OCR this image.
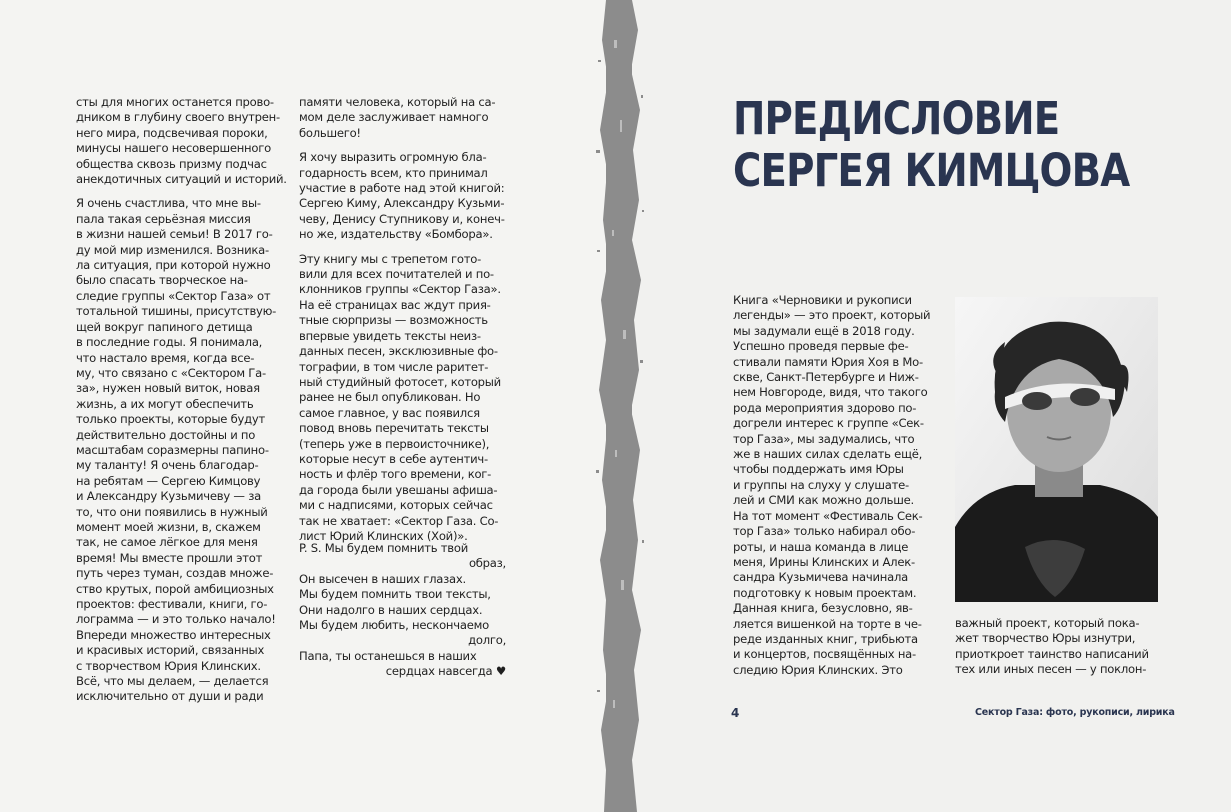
сты для многих останется прово-
дником в глубину своего внутрен-
него мира, подсвечивая пороки,
минусы нашего несовершенного
общества сквозь призму подчас
анекдотичных ситуаций и историй.

Я очень счастлива, что мне вы-
пала такая серьёзная миссия
в жизни нашей семьи! В 2017 го-
ду мой мир изменился. Возника-
ла ситуация, при которой нужно
было спасать творческое на-
следие группы «Сектор Газа» от
тотальной тишины, присутствую-
щей вокруг папиного детища
в последние годы. Я понимала,
что настало время, когда все-
му, что связано с «Сектором Га-
за», нужен новый виток, новая
жизнь, а их могут обеспечить
только проекты, которые будут
действительно достойны и по
масштабам соразмерны папино-
му таланту! Я очень благодар-
на ребятам — Сергею Кимцову
и Александру Кузьмичеву — за
то, что они появились в нужный
момент моей жизни, в, скажем
так, не самое лёгкое для меня
время! Мы вместе прошли этот
путь через туман, создав множе-
ство крутых, порой амбициозных
проектов: фестивали, книги, го-
лограмма — и это только начало!
Впереди множество интересных
и красивых историй, связанных
с творчеством Юрия Клинских.
Всё, что мы делаем, — делается
исключительно от души и ради

памяти человека, который на са-
мом деле заслуживает намного
большего!

Я хочу выразить огромную бла-
годарность всем, кто принимал
участие в работе над этой книгой:
Сергею Киму, Александру Кузьми-
чеву, Денису Ступникову и, конеч-
но же, издательству «Бомбора».

Эту книгу мы с трепетом гото-
вили для всех почитателей и по-
клонников группы «Сектор Газа».
На её страницах вас ждут прия-
тные сюрпризы — возможность
впервые увидеть тексты неиз-
данных песен, эксклюзивные фо-
тографии, в том числе раритет-
ный студийный фотосет, который
ранее не был опубликован. Но
самое главное, у вас появился
повод вновь перечитать тексты
(теперь уже в первоисточнике),
которые несут в себе аутентич-
ность и флёр того времени, ког-
да города были увешаны афиша-
ми с надписями, которых сейчас
так не хватает: «Сектор Газа. Со-
лист Юрий Клинских (Хой)».

P. S. Мы будем помнить твой
образ,
Он высечен в наших глазах.
Мы будем помнить твои тексты,
Они надолго в наших сердцах.
Мы будем любить, нескончаемо
долго,
Папа, ты останешься в наших
сердцах навсегда ♥
ПРЕДИСЛОВИЕ
СЕРГЕЯ КИМЦОВА

Книга «Черновики и рукописи
легенды» — это проект, который
мы задумали ещё в 2018 году.
Успешно проведя первые фе-
стивали памяти Юрия Хоя в Мо-
скве, Санкт-Петербурге и Ниж-
нем Новгороде, видя, что такого
рода мероприятия здорово по-
догрели интерес к группе «Сек-
тор Газа», мы задумались, что
же в наших силах сделать ещё,
чтобы поддержать имя Юры
и группы на слуху у слушате-
лей и СМИ как можно дольше.
На тот момент «Фестиваль Сек-
тор Газа» только набирал обо-
роты, и наша команда в лице
меня, Ирины Клинских и Алек-
сандра Кузьмичева начинала
подготовку к новым проектам.
Данная книга, безусловно, яв-
ляется вишенкой на торте в че-
реде изданных книг, трибьюта
и концертов, посвящённых на-
следию Юрия Клинских. Это

важный проект, который пока-
жет творчество Юры изнутри,
приоткроет таинство написаний
тех или иных песен — у поклон-

4	Сектор Газа: фото, рукописи, лирика
